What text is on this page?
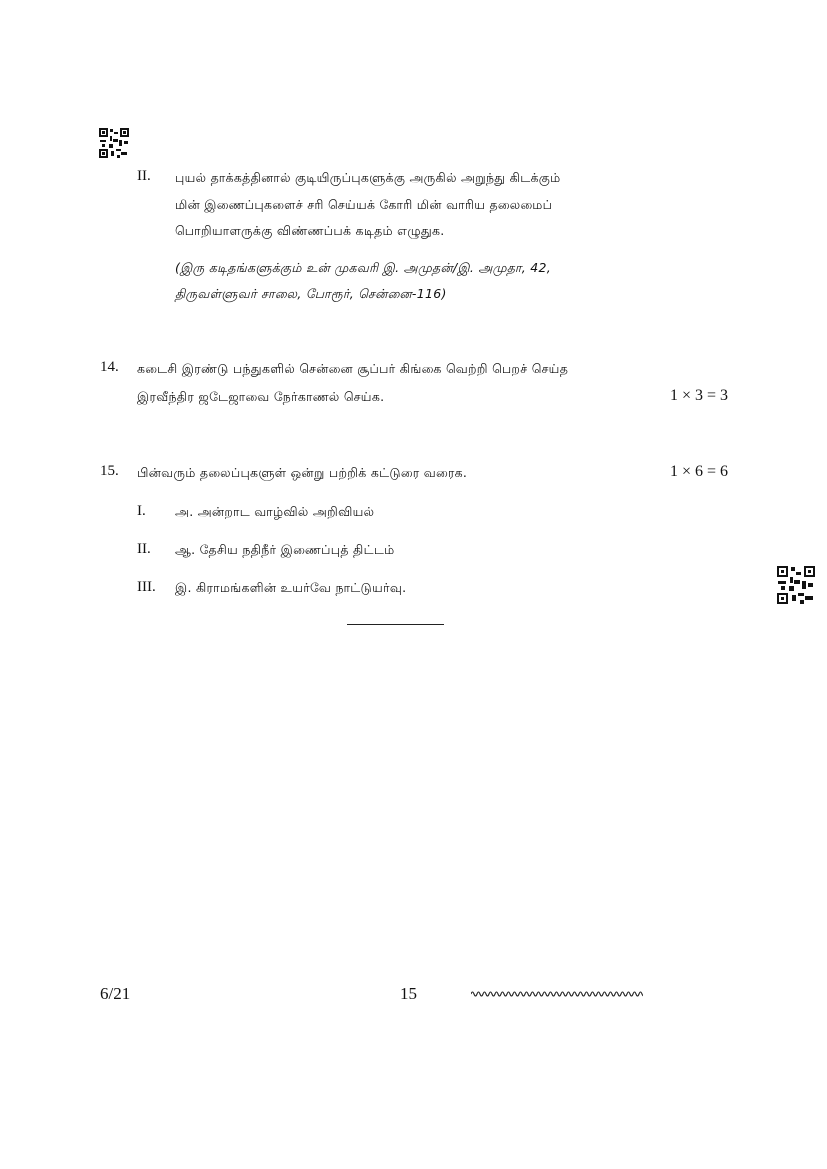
II. புயல் தாக்கத்தினால் குடியிருப்புகளுக்கு அருகில் அறுந்து கிடக்கும்
மின் இணைப்புகளைச் சரி செய்யக் கோரி மின் வாரிய தலைமைப்
பொறியாளருக்கு விண்ணப்பக் கடிதம் எழுதுக.
(இரு கடிதங்களுக்கும் உன் முகவரி இ. அமுதன்/இ. அமுதா, 42,
திருவள்ளுவர் சாலை, போரூர், சென்னை-116)
14. கடைசி இரண்டு பந்துகளில் சென்னை சூப்பர் கிங்கை வெற்றி பெறச் செய்த
இரவீந்திர ஜடேஜாவை நேர்காணல் செய்க.	1 × 3 = 3
15. பின்வரும் தலைப்புகளுள் ஒன்று பற்றிக் கட்டுரை வரைக.	1 × 6 = 6
I. அ. அன்றாட வாழ்வில் அறிவியல்
II. ஆ. தேசிய நதிநீர் இணைப்புத் திட்டம்
III. இ. கிராமங்களின் உயர்வே நாட்டுயர்வு.
6/21	15
